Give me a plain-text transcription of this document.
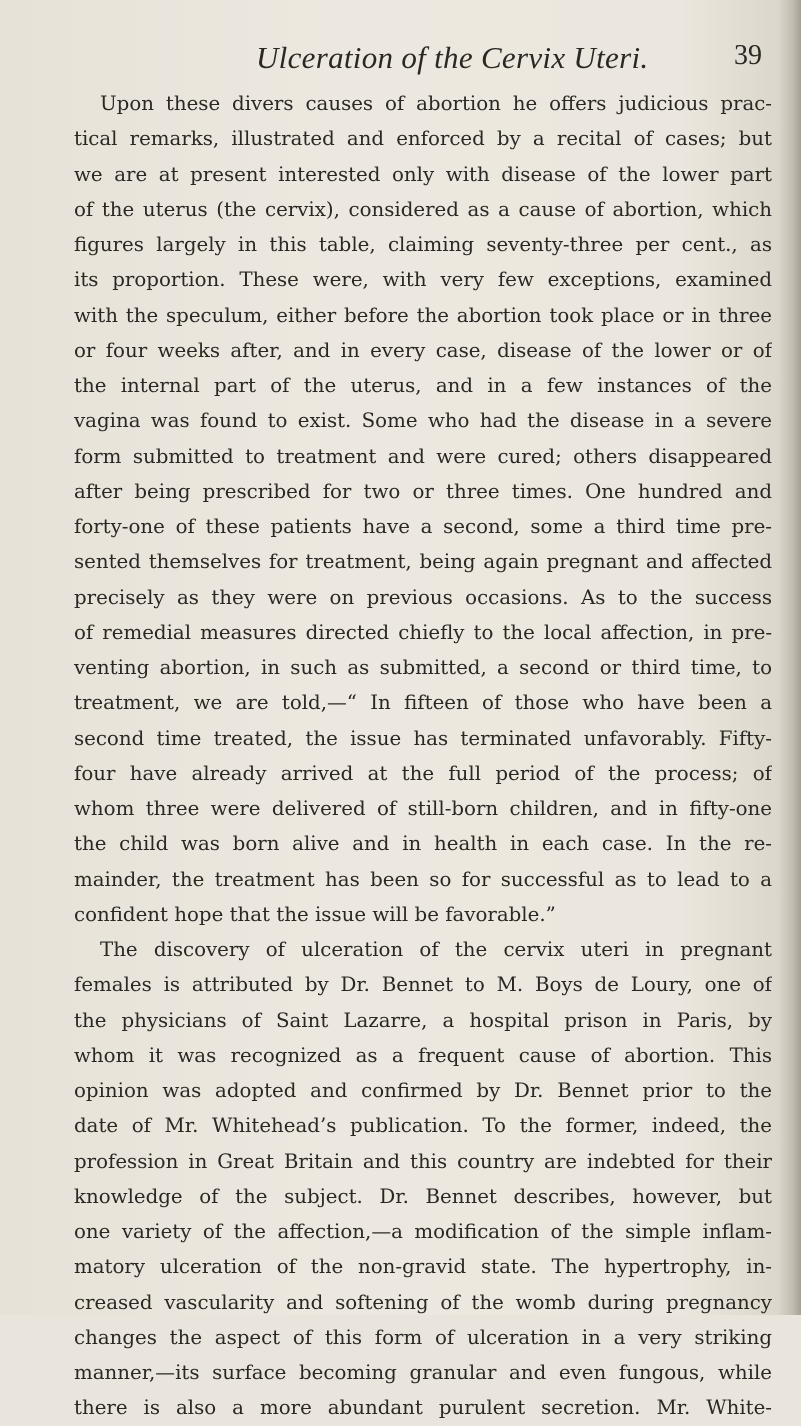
Ulceration of the Cervix Uteri.	39
Upon these divers causes of abortion he offers judicious prac-
tical remarks, illustrated and enforced by a recital of cases; but
we are at present interested only with disease of the lower part
of the uterus (the cervix), considered as a cause of abortion, which
figures largely in this table, claiming seventy-three per cent., as
its proportion. These were, with very few exceptions, examined
with the speculum, either before the abortion took place or in three
or four weeks after, and in every case, disease of the lower or of
the internal part of the uterus, and in a few instances of the
vagina was found to exist. Some who had the disease in a severe
form submitted to treatment and were cured; others disappeared
after being prescribed for two or three times. One hundred and
forty-one of these patients have a second, some a third time pre-
sented themselves for treatment, being again pregnant and affected
precisely as they were on previous occasions. As to the success
of remedial measures directed chiefly to the local affection, in pre-
venting abortion, in such as submitted, a second or third time, to
treatment, we are told,—“ In fifteen of those who have been a
second time treated, the issue has terminated unfavorably. Fifty-
four have already arrived at the full period of the process; of
whom three were delivered of still-born children, and in fifty-one
the child was born alive and in health in each case. In the re-
mainder, the treatment has been so for successful as to lead to a
confident hope that the issue will be favorable.”
The discovery of ulceration of the cervix uteri in pregnant
females is attributed by Dr. Bennet to M. Boys de Loury, one of
the physicians of Saint Lazarre, a hospital prison in Paris, by
whom it was recognized as a frequent cause of abortion. This
opinion was adopted and confirmed by Dr. Bennet prior to the
date of Mr. Whitehead’s publication. To the former, indeed, the
profession in Great Britain and this country are indebted for their
knowledge of the subject. Dr. Bennet describes, however, but
one variety of the affection,—a modification of the simple inflam-
matory ulceration of the non-gravid state. The hypertrophy, in-
creased vascularity and softening of the womb during pregnancy
changes the aspect of this form of ulceration in a very striking
manner,—its surface becoming granular and even fungous, while
there is also a more abundant purulent secretion. Mr. White-
